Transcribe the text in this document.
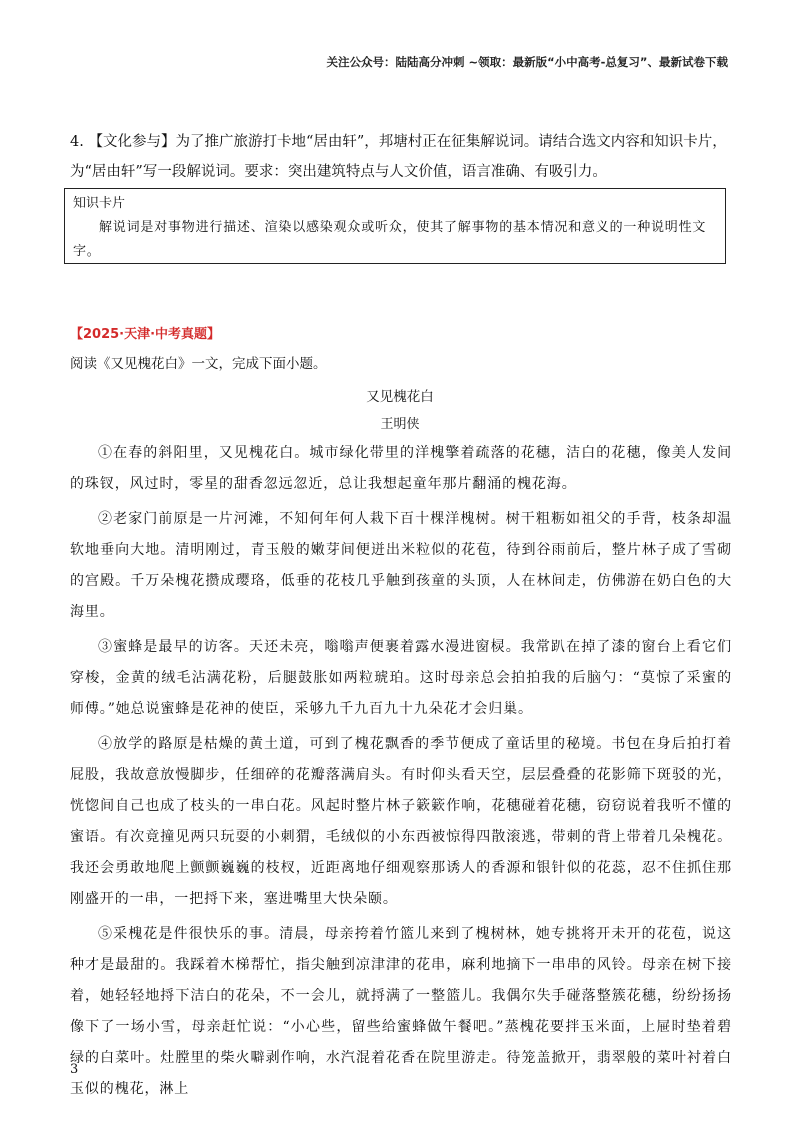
关注公众号：陆陆高分冲刺 ~领取：最新版“小中高考-总复习”、最新试卷下载
4. 【文化参与】为了推广旅游打卡地“居由轩”，邦塘村正在征集解说词。请结合选文内容和知识卡片，为“居由轩”写一段解说词。要求：突出建筑特点与人文价值，语言准确、有吸引力。
知识卡片
解说词是对事物进行描述、渲染以感染观众或听众，使其了解事物的基本情况和意义的一种说明性文字。
【2025·天津·中考真题】
阅读《又见槐花白》一文，完成下面小题。
又见槐花白
王明侠

①在春的斜阳里，又见槐花白。城市绿化带里的洋槐擎着疏落的花穗，洁白的花穗，像美人发间的珠钗，风过时，零星的甜香忽远忽近，总让我想起童年那片翻涌的槐花海。

②老家门前原是一片河滩，不知何年何人栽下百十棵洋槐树。树干粗粝如祖父的手背，枝条却温软地垂向大地。清明刚过，青玉般的嫩芽间便迸出米粒似的花苞，待到谷雨前后，整片林子成了雪砌的宫殿。千万朵槐花攒成璎珞，低垂的花枝几乎触到孩童的头顶，人在林间走，仿佛游在奶白色的大海里。

③蜜蜂是最早的访客。天还未亮，嗡嗡声便裹着露水漫进窗棂。我常趴在掉了漆的窗台上看它们穿梭，金黄的绒毛沾满花粉，后腿鼓胀如两粒琥珀。这时母亲总会拍拍我的后脑勺：“莫惊了采蜜的师傅。”她总说蜜蜂是花神的使臣，采够九千九百九十九朵花才会归巢。

④放学的路原是枯燥的黄土道，可到了槐花飘香的季节便成了童话里的秘境。书包在身后拍打着屁股，我故意放慢脚步，任细碎的花瓣落满肩头。有时仰头看天空，层层叠叠的花影筛下斑驳的光，恍惚间自己也成了枝头的一串白花。风起时整片林子簌簌作响，花穗碰着花穗，窃窃说着我听不懂的蜜语。有次竟撞见两只玩耍的小刺猬，毛绒似的小东西被惊得四散滚逃，带刺的背上带着几朵槐花。我还会勇敢地爬上颤颤巍巍的枝杈，近距离地仔细观察那诱人的香源和银针似的花蕊，忍不住抓住那刚盛开的一串，一把捋下来，塞进嘴里大快朵颐。

⑤采槐花是件很快乐的事。清晨，母亲挎着竹篮儿来到了槐树林，她专挑将开未开的花苞，说这种才是最甜的。我踩着木梯帮忙，指尖触到凉津津的花串，麻利地摘下一串串的风铃。母亲在树下接着，她轻轻地捋下洁白的花朵，不一会儿，就捋满了一整篮儿。我偶尔失手碰落整簇花穗，纷纷扬扬像下了一场小雪，母亲赶忙说：“小心些，留些给蜜蜂做午餐吧。”蒸槐花要拌玉米面，上屉时垫着碧绿的白菜叶。灶膛里的柴火噼剥作响，水汽混着花香在院里游走。待笼盖掀开，翡翠般的菜叶衬着白玉似的槐花，淋上

3
